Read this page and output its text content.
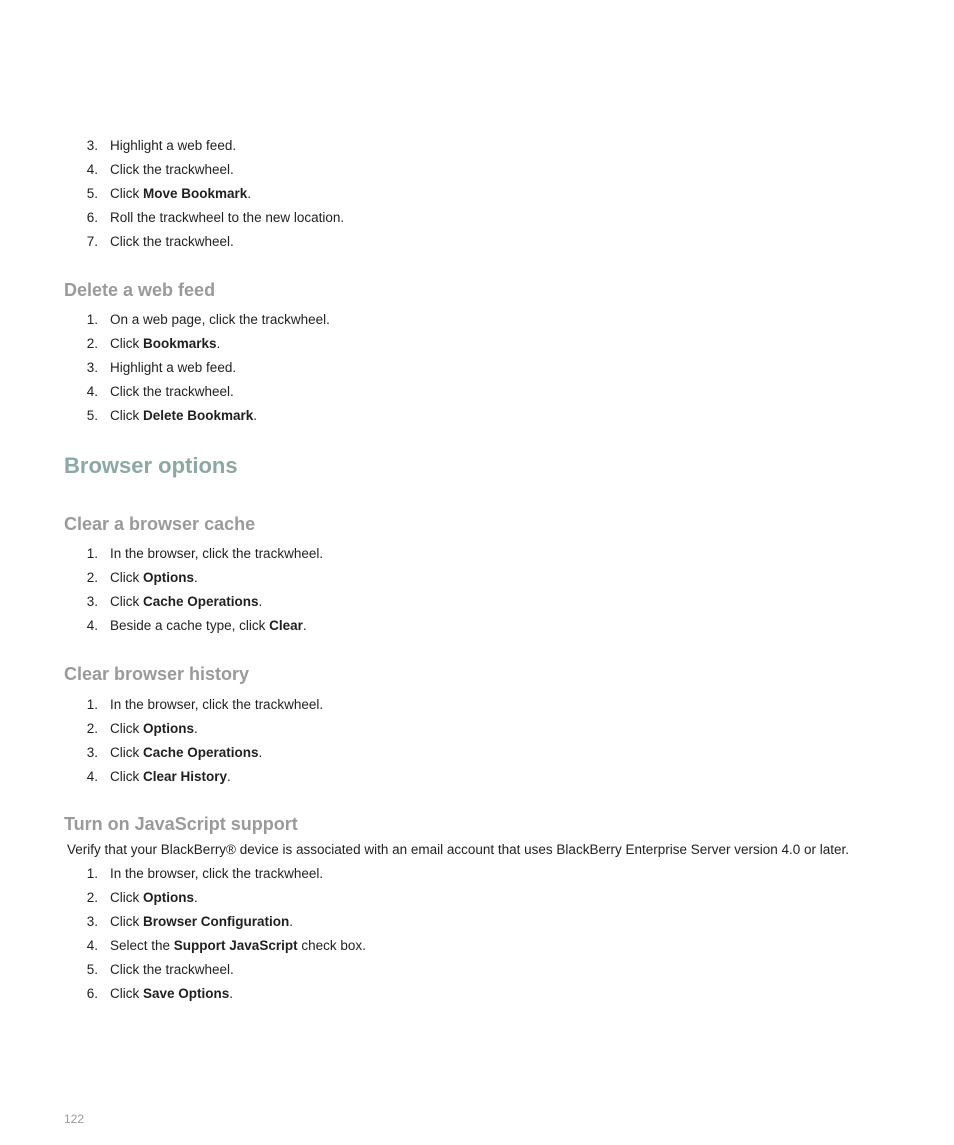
3. Highlight a web feed.
4. Click the trackwheel.
5. Click Move Bookmark.
6. Roll the trackwheel to the new location.
7. Click the trackwheel.
Delete a web feed
1. On a web page, click the trackwheel.
2. Click Bookmarks.
3. Highlight a web feed.
4. Click the trackwheel.
5. Click Delete Bookmark.
Browser options
Clear a browser cache
1. In the browser, click the trackwheel.
2. Click Options.
3. Click Cache Operations.
4. Beside a cache type, click Clear.
Clear browser history
1. In the browser, click the trackwheel.
2. Click Options.
3. Click Cache Operations.
4. Click Clear History.
Turn on JavaScript support

Verify that your BlackBerry® device is associated with an email account that uses BlackBerry Enterprise Server version 4.0 or later.

1. In the browser, click the trackwheel.
2. Click Options.
3. Click Browser Configuration.
4. Select the Support JavaScript check box.
5. Click the trackwheel.
6. Click Save Options.
122
